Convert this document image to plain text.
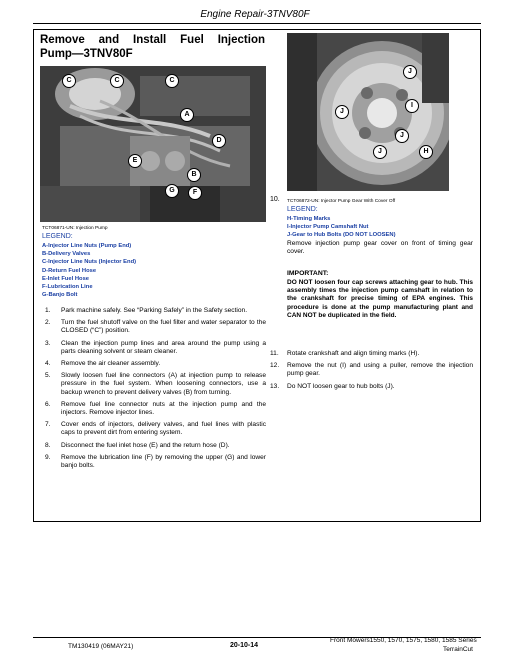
Engine Repair-3TNV80F
Remove and Install Fuel Injection
Pump—3TNV80F
C	C	C
A
D
E
B
G	F
TCT06871-UN: Injection Pump
LEGEND:
A-Injector Line Nuts (Pump End)
B-Delivery Valves
C-Injector Line Nuts (Injector End)
D-Return Fuel Hose
E-Inlet Fuel Hose
F-Lubrication Line
G-Banjo Bolt
J
J
I
J
J	H
10. TCT06872-UN: Injector Pump Gear With Cover Off
LEGEND:
H-Timing Marks
I-Injector Pump Camshaft Nut
J-Gear to Hub Bolts (DO NOT LOOSEN)
Remove injection pump gear cover on front of timing gear cover.
IMPORTANT:
DO NOT loosen four cap screws attaching gear to hub. This assembly times the injection pump camshaft in relation to the crankshaft for precise timing of EPA engines. This procedure is done at the pump manufacturing plant and CAN NOT be duplicated in the field.
1. Park machine safely. See “Parking Safely” in the Safety section.
2. Turn the fuel shutoff valve on the fuel filter and water separator to the CLOSED (“C”) position.
3. Clean the injection pump lines and area around the pump using a parts cleaning solvent or steam cleaner.
4. Remove the air cleaner assembly.
5. Slowly loosen fuel line connectors (A) at injection pump to release pressure in the fuel system. When loosening connectors, use a backup wrench to prevent delivery valves (B) from turning.
6. Remove fuel line connector nuts at the injection pump and the injectors. Remove injector lines.
7. Cover ends of injectors, delivery valves, and fuel lines with plastic caps to prevent dirt from entering system.
8. Disconnect the fuel inlet hose (E) and the return hose (D).
9. Remove the lubrication line (F) by removing the upper (G) and lower banjo bolts.
11. Rotate crankshaft and align timing marks (H).
12. Remove the nut (I) and using a puller, remove the injection pump gear.
13. Do NOT loosen gear to hub bolts (J).
TM130419 (06MAY21)	20-10-14
Front Mowers1550, 1570, 1575, 1580, 1585 Series
TerrainCut
